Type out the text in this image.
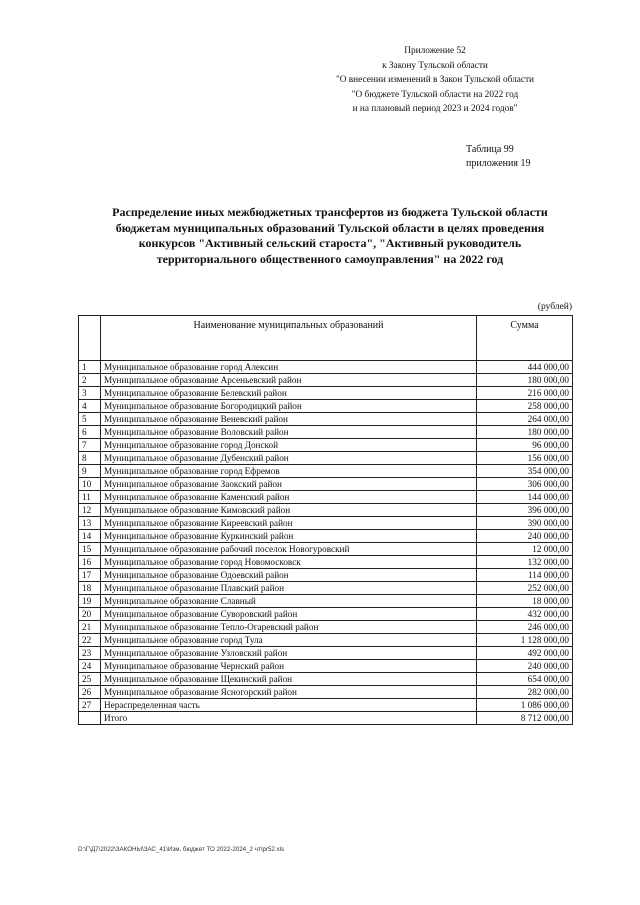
Приложение 52
к Закону Тульской области
"О внесении изменений в Закон Тульской области
"О бюджете Тульской области на 2022 год
и на плановый период 2023 и 2024 годов"
Таблица 99
приложения 19
Распределение иных межбюджетных трансфертов из бюджета Тульской области
бюджетам муниципальных образований Тульской области в целях проведения
конкурсов "Активный сельский староста", "Активный руководитель
территориального общественного самоуправления" на 2022 год
(рублей)
	Наименование муниципальных образований	Сумма
1	Муниципальное образование город Алексин	444 000,00
2	Муниципальное образование Арсеньевский район	180 000,00
3	Муниципальное образование Белевский район	216 000,00
4	Муниципальное образование Богородицкий район	258 000,00
5	Муниципальное образование Веневский район	264 000,00
6	Муниципальное образование Воловский район	180 000,00
7	Муниципальное образование город Донской	96 000,00
8	Муниципальное образование Дубенский район	156 000,00
9	Муниципальное образование город Ефремов	354 000,00
10	Муниципальное образование Заокский район	306 000,00
11	Муниципальное образование Каменский район	144 000,00
12	Муниципальное образование Кимовский район	396 000,00
13	Муниципальное образование Киреевский район	390 000,00
14	Муниципальное образование Куркинский район	240 000,00
15	Муниципальное образование рабочий поселок Новогуровский	12 000,00
16	Муниципальное образование город Новомосковск	132 000,00
17	Муниципальное образование Одоевский район	114 000,00
18	Муниципальное образование Плавский район	252 000,00
19	Муниципальное образование Славный	18 000,00
20	Муниципальное образование Суворовский район	432 000,00
21	Муниципальное образование Тепло-Огаревский район	246 000,00
22	Муниципальное образование город Тула	1 128 000,00
23	Муниципальное образование Узловский район	492 000,00
24	Муниципальное образование Чернский район	240 000,00
25	Муниципальное образование Щекинский район	654 000,00
26	Муниципальное образование Ясногорский район	282 000,00
27	Нераспределенная часть	1 086 000,00
	Итого	8 712 000,00
D:\Г\Д7\2022\ЗАКОНЫ\ЗАС_41\Изм. бюджет ТО 2022-2024_2 чт\pr52.xls
